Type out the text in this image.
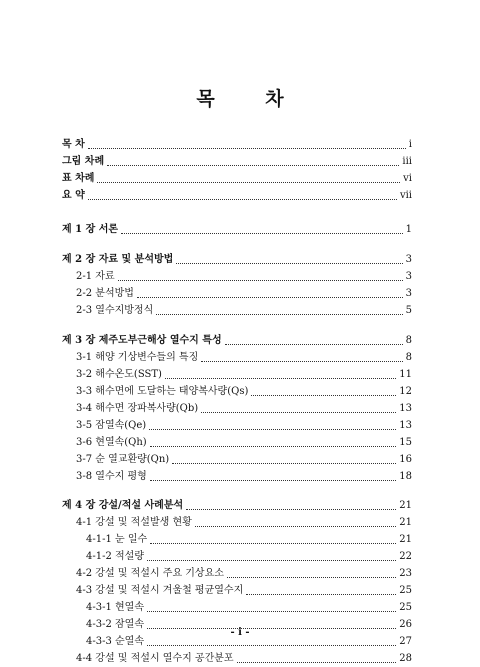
목 차
목 차	i
그림 차례	iii
표 차례	vi
요 약	vii
제 1 장 서론	1
제 2 장 자료 및 분석방법	3
2-1 자료	3
2-2 분석방법	3
2-3 열수지방정식	5
제 3 장 제주도부근해상 열수지 특성	8
3-1 해양 기상변수들의 특징	8
3-2 해수온도(SST)	11
3-3 해수면에 도달하는 태양복사량(Qs)	12
3-4 해수면 장파복사량(Qb)	13
3-5 잠열속(Qe)	13
3-6 현열속(Qh)	15
3-7 순 열교환량(Qn)	16
3-8 열수지 평형	18
제 4 장 강설/적설 사례분석	21
4-1 강설 및 적설발생 현황	21
4-1-1 눈 일수	21
4-1-2 적설량	22
4-2 강설 및 적설시 주요 기상요소	23
4-3 강설 및 적설시 겨울철 평균열수지	25
4-3-1 현열속	25
4-3-2 잠열속	26
4-3-3 순열속	27
4-4 강설 및 적설시 열수지 공간분포	28
- i -
